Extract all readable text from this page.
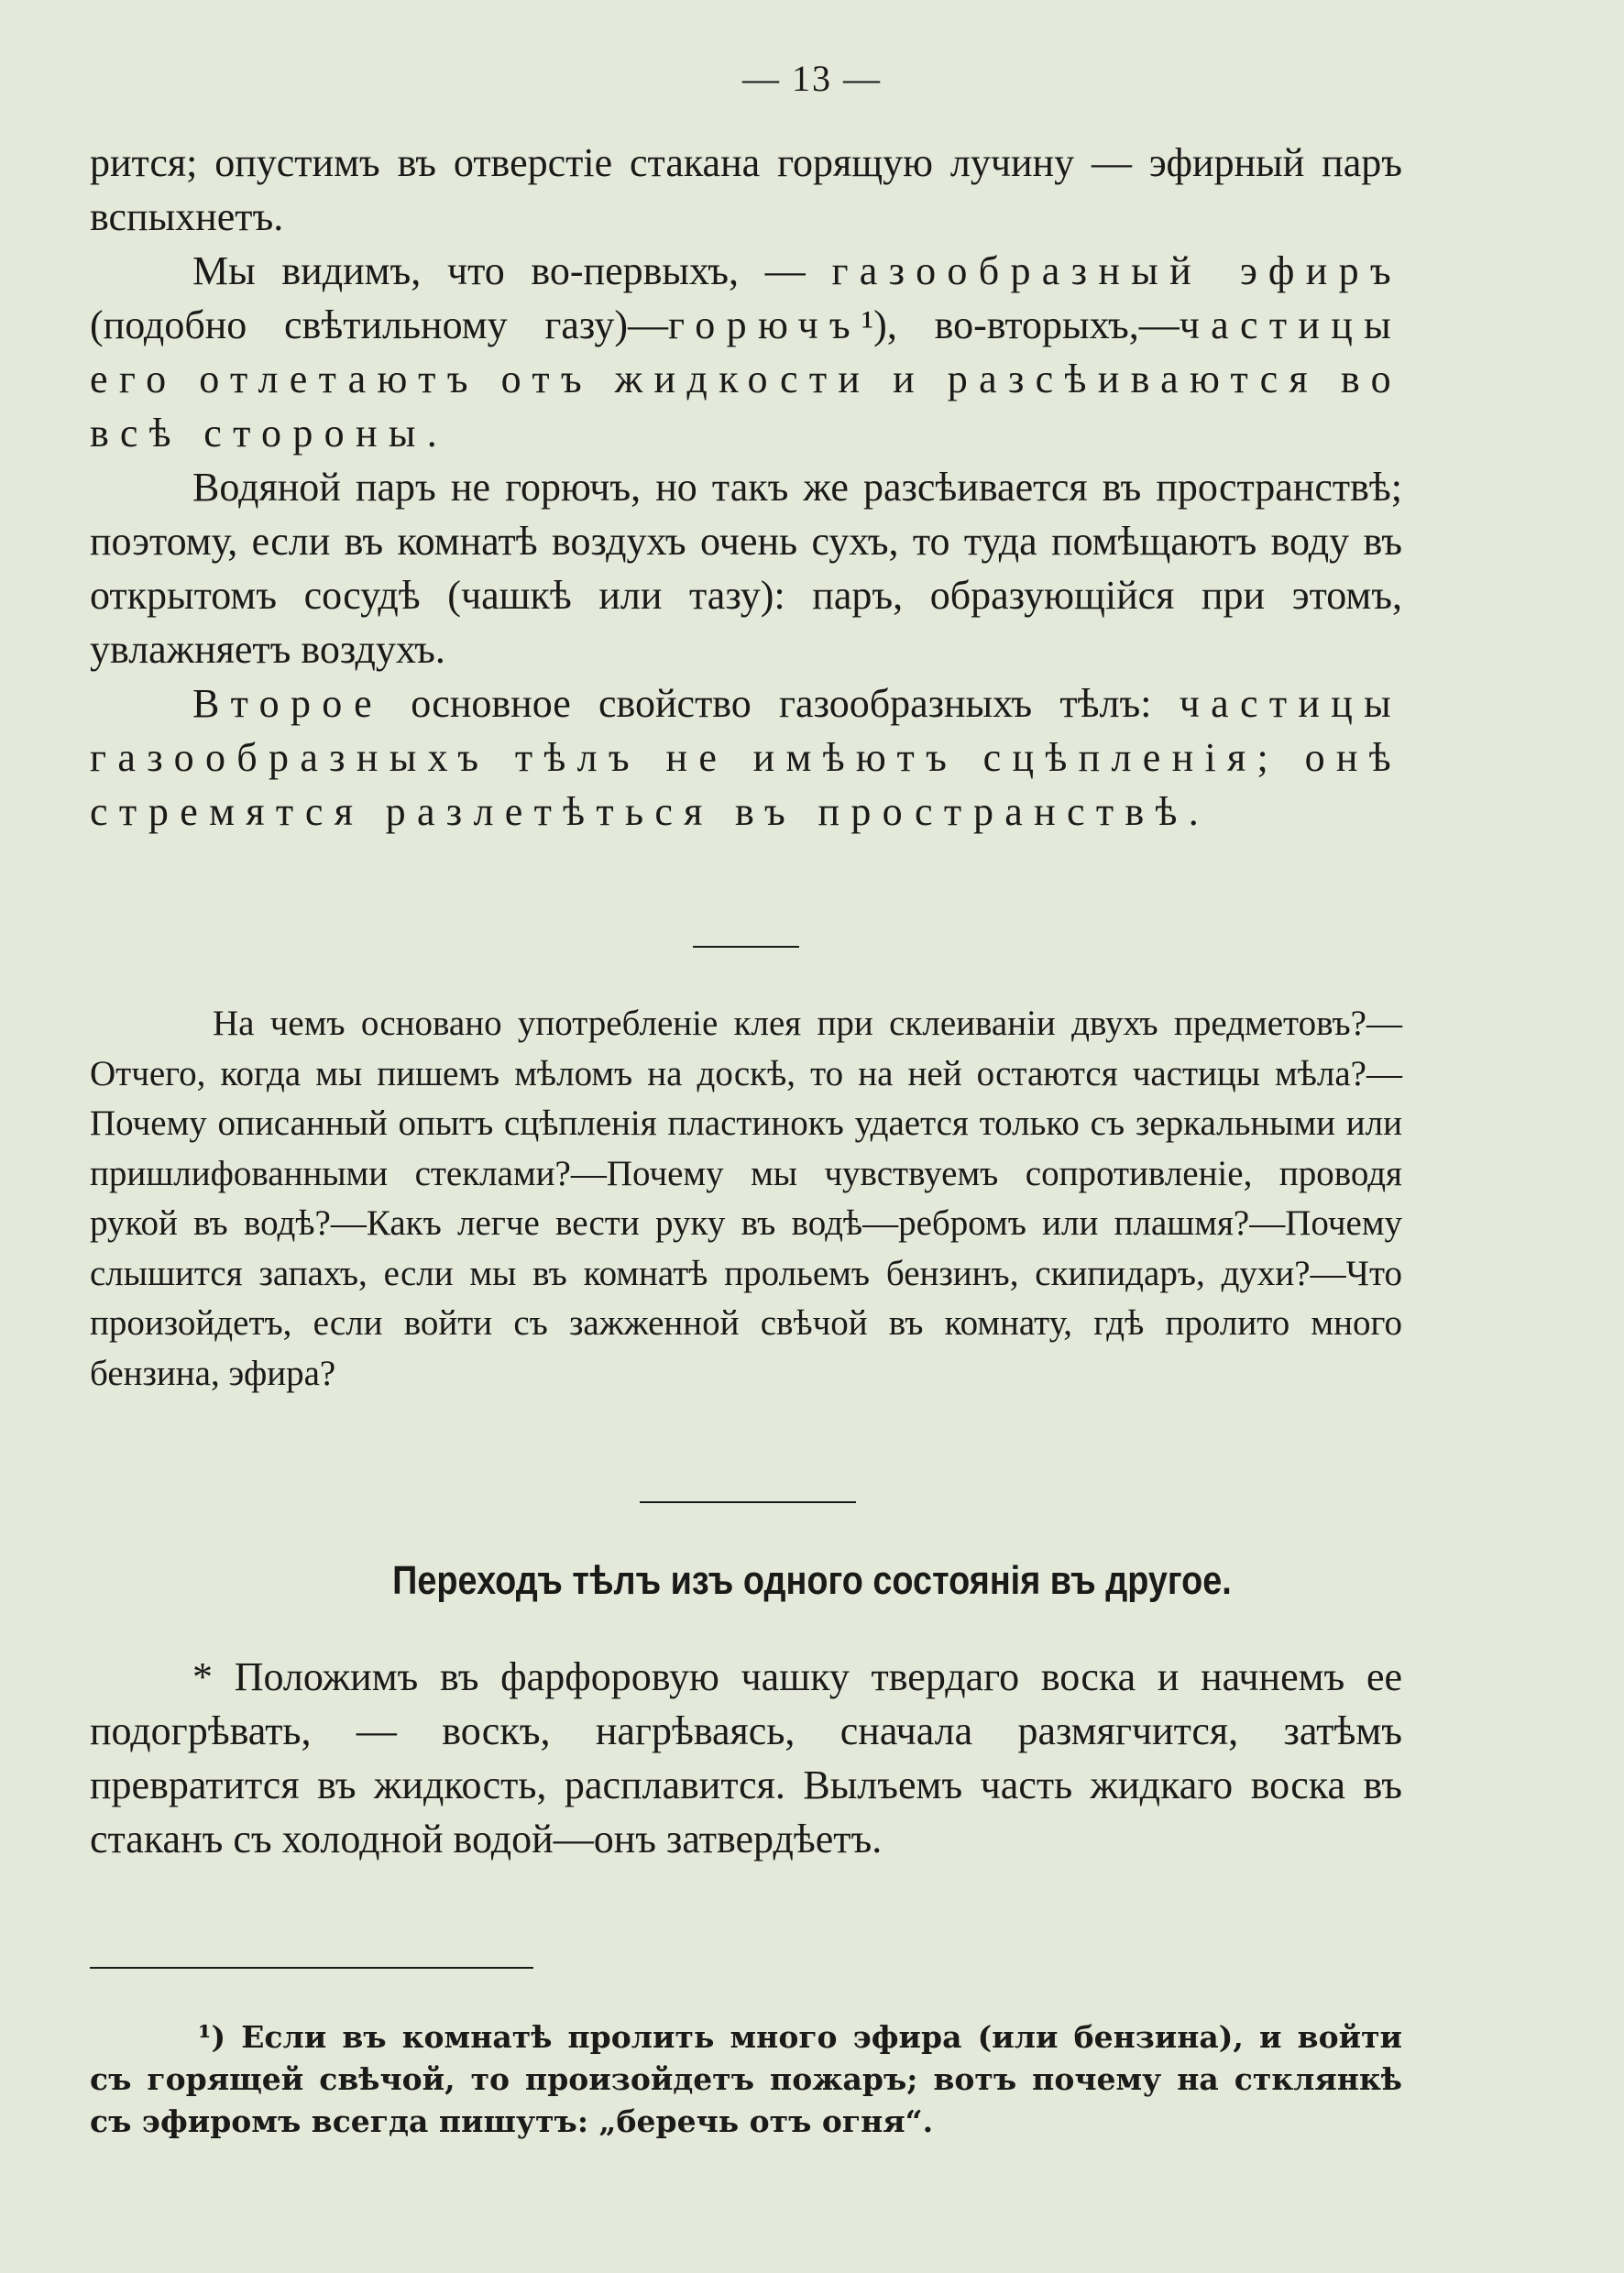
— 13 —

рится; опустимъ въ отверстіе стакана горящую лучину — эфирный паръ вспыхнетъ.

Мы видимъ, что во-первыхъ, — газообразный эфиръ (подобно свѣтильному газу)—горючъ¹), во-вторыхъ,—частицы его отлетаютъ отъ жидкости и разсѣиваются во всѣ стороны.

Водяной паръ не горючъ, но такъ же разсѣивается въ пространствѣ; поэтому, если въ комнатѣ воздухъ очень сухъ, то туда помѣщаютъ воду въ открытомъ сосудѣ (чашкѣ или тазу): паръ, образующійся при этомъ, увлажняетъ воздухъ.

Второе основное свойство газообразныхъ тѣлъ: частицы газообразныхъ тѣлъ не имѣютъ сцѣпленія; онѣ стремятся разлетѣться въ пространствѣ.

На чемъ основано употребленіе клея при склеиваніи двухъ предметовъ?—Отчего, когда мы пишемъ мѣломъ на доскѣ, то на ней остаются частицы мѣла?—Почему описанный опытъ сцѣпленія пластинокъ удается только съ зеркальными или пришлифованными стеклами?—Почему мы чувствуемъ сопротивленіе, проводя рукой въ водѣ?—Какъ легче вести руку въ водѣ—ребромъ или плашмя?—Почему слышится запахъ, если мы въ комнатѣ прольемъ бензинъ, скипидаръ, духи?—Что произойдетъ, если войти съ зажженной свѣчой въ комнату, гдѣ пролито много бензина, эфира?

Переходъ тѣлъ изъ одного состоянія въ другое.

* Положимъ въ фарфоровую чашку твердаго воска и начнемъ ее подогрѣвать, — воскъ, нагрѣваясь, сначала размягчится, затѣмъ превратится въ жидкость, расплавится. Вылъемъ часть жидкаго воска въ стаканъ съ холодной водой—онъ затвердѣетъ.

¹) Если въ комнатѣ пролить много эфира (или бензина), и войти съ горящей свѣчой, то произойдетъ пожаръ; вотъ почему на стклянкѣ съ эфиромъ всегда пишутъ: „беречь отъ огня“.
